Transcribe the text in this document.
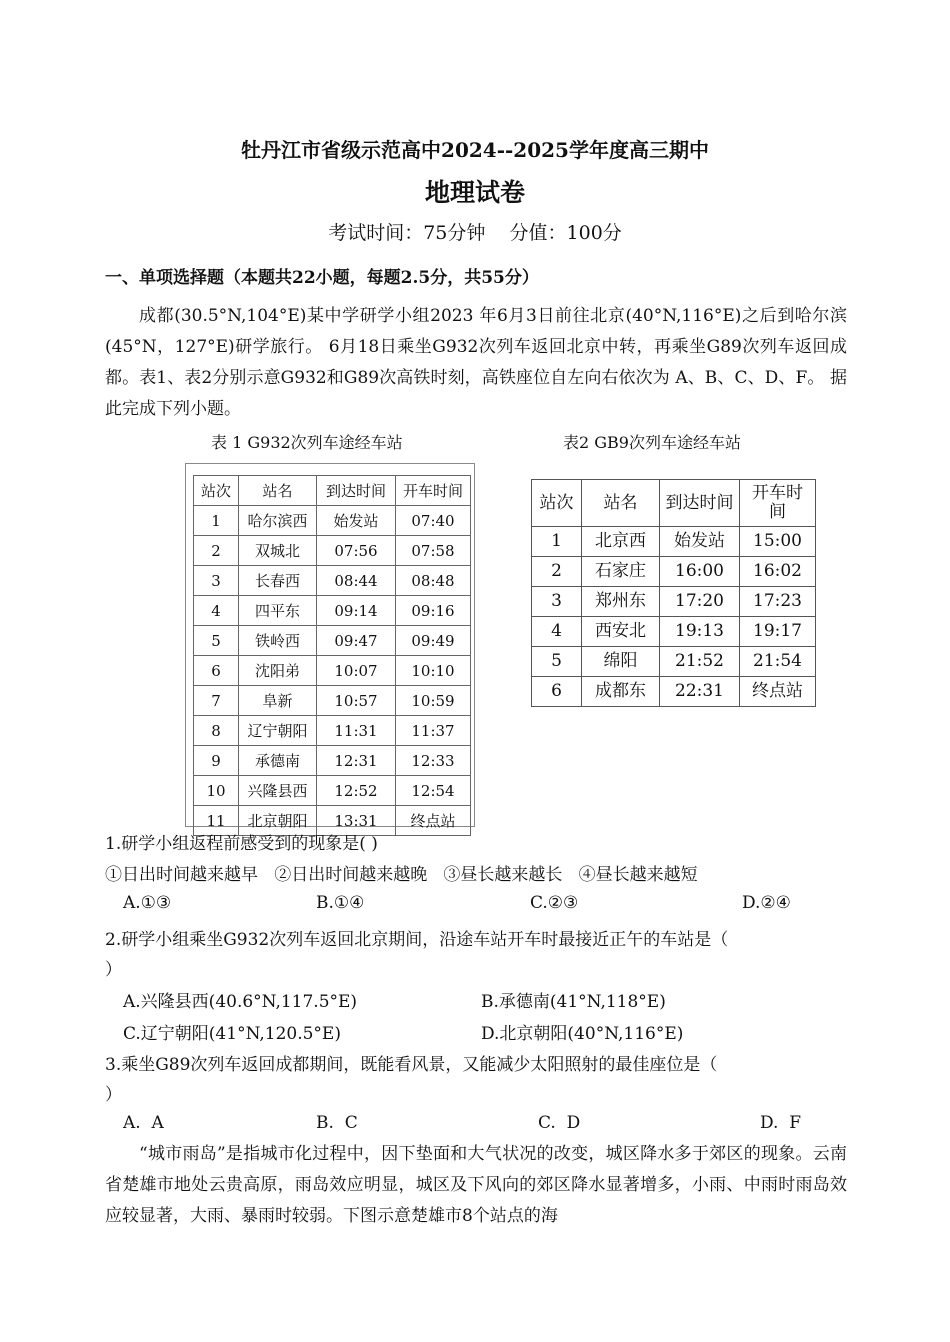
牡丹江市省级示范高中2024--2025学年度高三期中
地理试卷
考试时间：75分钟    分值：100分
一、单项选择题（本题共22小题，每题2.5分，共55分）
成都(30.5°N,104°E)某中学研学小组2023 年6月3日前往北京(40°N,116°E)之后到哈尔滨(45°N，127°E)研学旅行。 6月18日乘坐G932次列车返回北京中转，再乘坐G89次列车返回成都。表1、表2分别示意G932和G89次高铁时刻，高铁座位自左向右依次为 A、B、C、D、F。 据此完成下列小题。
表 1 G932次列车途经车站	表2 GB9次列车途经车站
站次	站名	到达时间	开车时间
1	哈尔滨西	始发站	07:40
2	双城北	07:56	07:58
3	长春西	08:44	08:48
4	四平东	09:14	09:16
5	铁岭西	09:47	09:49
6	沈阳弟	10:07	10:10
7	阜新	10:57	10:59
8	辽宁朝阳	11:31	11:37
9	承德南	12:31	12:33
10	兴隆县西	12:52	12:54
11	北京朝阳	13:31	终点站
站次	站名	到达时间	开车时间
1	北京西	始发站	15:00
2	石家庄	16:00	16:02
3	郑州东	17:20	17:23
4	西安北	19:13	19:17
5	绵阳	21:52	21:54
6	成都东	22:31	终点站
1.研学小组返程前感受到的现象是( )
①日出时间越来越早   ②日出时间越来越晚   ③昼长越来越长   ④昼长越来越短
A.①③	B.①④	C.②③	D.②④
2.研学小组乘坐G932次列车返回北京期间，沿途车站开车时最接近正午的车站是（
）
A.兴隆县西(40.6°N,117.5°E)	B.承德南(41°N,118°E)
C.辽宁朝阳(41°N,120.5°E)	D.北京朝阳(40°N,116°E)
3.乘坐G89次列车返回成都期间，既能看风景，又能减少太阳照射的最佳座位是（
）
A.  A	B.  C	C.  D	D.  F
“城市雨岛”是指城市化过程中，因下垫面和大气状况的改变，城区降水多于郊区的现象。云南省楚雄市地处云贵高原，雨岛效应明显，城区及下风向的郊区降水显著增多，小雨、中雨时雨岛效应较显著，大雨、暴雨时较弱。下图示意楚雄市8个站点的海
